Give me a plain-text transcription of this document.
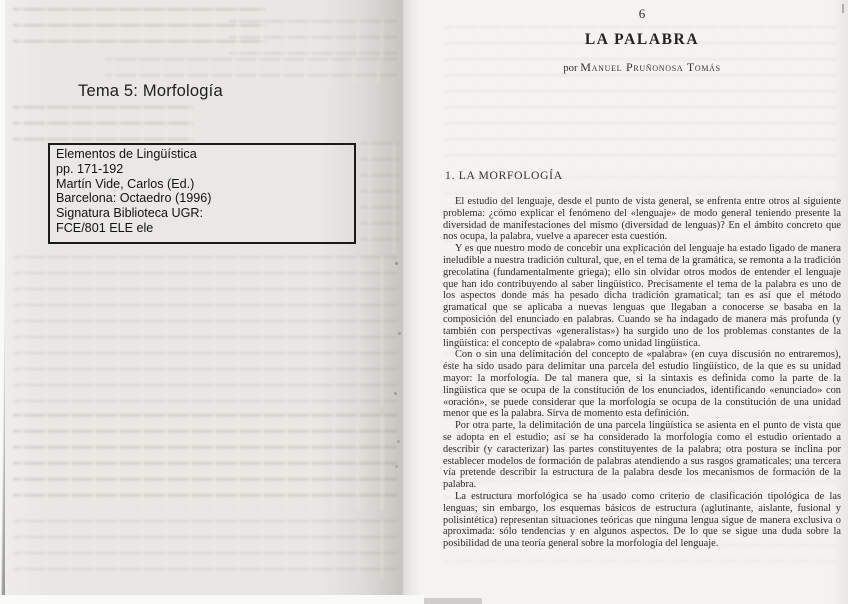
Tema 5: Morfología
Elementos de Lingüística
pp. 171-192
Martín Vide, Carlos (Ed.)
Barcelona: Octaedro (1996)
Signatura Biblioteca UGR:
FCE/801 ELE ele
6
LA PALABRA
por Manuel Pruñonosa Tomás
1. LA MORFOLOGÍA

El estudio del lenguaje, desde el punto de vista general, se enfrenta entre otros al siguiente problema: ¿cómo explicar el fenómeno del «lenguaje» de modo general teniendo presente la diversidad de manifestaciones del mismo (diversidad de lenguas)? En el ámbito concreto que nos ocupa, la palabra, vuelve a aparecer esta cuestión.

Y es que nuestro modo de concebir una explicación del lenguaje ha estado ligado de manera ineludible a nuestra tradición cultural, que, en el tema de la gramática, se remonta a la tradición grecolatina (fundamentalmente griega); ello sin olvidar otros modos de entender el lenguaje que han ido contribuyendo al saber lingüístico. Precisamente el tema de la palabra es uno de los aspectos donde más ha pesado dicha tradición gramatical; tan es así que el método gramatical que se aplicaba a nuevas lenguas que llegaban a conocerse se basaba en la composición del enunciado en palabras. Cuando se ha indagado de manera más profunda (y también con perspectivas «generalistas») ha surgido uno de los problemas constantes de la lingüística: el concepto de «palabra» como unidad lingüística.

Con o sin una delimitación del concepto de «palabra» (en cuya discusión no entraremos), éste ha sido usado para delimitar una parcela del estudio lingüístico, de la que es su unidad mayor: la morfología. De tal manera que, si la sintaxis es definida como la parte de la lingüística que se ocupa de la constitución de los enunciados, identificando «enunciado» con «oración», se puede considerar que la morfología se ocupa de la constitución de una unidad menor que es la palabra. Sirva de momento esta definición.

Por otra parte, la delimitación de una parcela lingüística se asienta en el punto de vista que se adopta en el estudio; así se ha considerado la morfología como el estudio orientado a describir (y caracterizar) las partes constituyentes de la palabra; otra postura se inclina por establecer modelos de formación de palabras atendiendo a sus rasgos gramaticales; una tercera vía pretende describir la estructura de la palabra desde los mecanismos de formación de la palabra.

La estructura morfológica se ha usado como criterio de clasificación tipológica de las lenguas; sin embargo, los esquemas básicos de estructura (aglutinante, aislante, fusional y polisintética) representan situaciones teóricas que ninguna lengua sigue de manera exclusiva o aproximada: sólo tendencias y en algunos aspectos. De lo que se sigue una duda sobre la posibilidad de una teoría general sobre la morfología del lenguaje.
